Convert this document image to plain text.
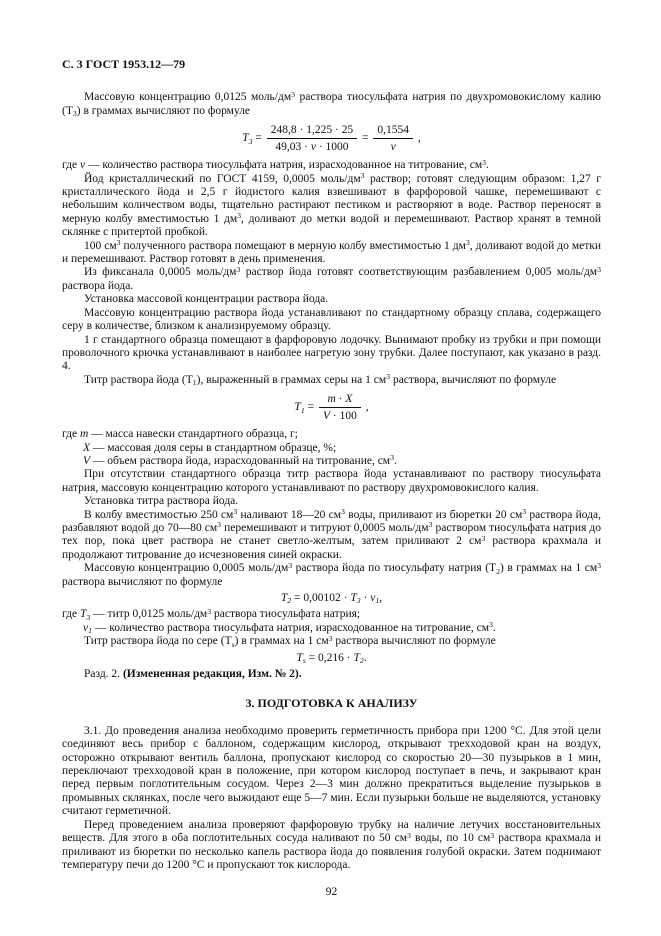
С. 3 ГОСТ 1953.12—79

Массовую концентрацию 0,0125 моль/$дм^3$ раствора тиосульфата натрия по двухромовокислому калию $(T_3)$ в граммах вычисляют по формуле

$T_3 = \frac{248,8 \cdot 1,225 \cdot 25}{49,03 \cdot v \cdot 1000} = \frac{0,1554}{v}$ ,

где v — количество раствора тиосульфата натрия, израсходованное на титрование, $см^3$.

Йод кристаллический по ГОСТ 4159, 0,0005 моль/$дм^3$ раствор; готовят следующим образом: 1,27 г кристаллического йода и 2,5 г йодистого калия взвешивают в фарфоровой чашке, перемешивают с небольшим количеством воды, тщательно растирают пестиком и растворяют в воде. Раствор переносят в мерную колбу вместимостью 1 $дм^3$, доливают до метки водой и перемешивают. Раствор хранят в темной склянке с притертой пробкой.

100 $см^3$ полученного раствора помещают в мерную колбу вместимостью 1 $дм^3$, доливают водой до метки и перемешивают. Раствор готовят в день применения.

Из фиксанала 0,0005 моль/$дм^3$ раствор йода готовят соответствующим разбавлением 0,005 моль/$дм^3$ раствора йода.

Установка массовой концентрации раствора йода.

Массовую концентрацию раствора йода устанавливают по стандартному образцу сплава, содержащего серу в количестве, близком к анализируемому образцу.

1 г стандартного образца помещают в фарфоровую лодочку. Вынимают пробку из трубки и при помощи проволочного крючка устанавливают в наиболее нагретую зону трубки. Далее поступают, как указано в разд. 4.

Титр раствора йода $(T_1)$, выраженный в граммах серы на 1 $см^3$ раствора, вычисляют по формуле

$T_1 = \frac{m \cdot X}{V \cdot 100}$ ,

где m — масса навески стандартного образца, г;

X — массовая доля серы в стандартном образце, %;

V — объем раствора йода, израсходованный на титрование, $см^3$.

При отсутствии стандартного образца титр раствора йода устанавливают по раствору тиосульфата натрия, массовую концентрацию которого устанавливают по раствору двухромовокислого калия.

Установка титра раствора йода.

В колбу вместимостью 250 $см^3$ наливают 18—20 $см^3$ воды, приливают из бюретки 20 $см^3$ раствора йода, разбавляют водой до 70—80 $см^3$ перемешивают и титруют 0,0005 моль/$дм^3$ раствором тиосульфата натрия до тех пор, пока цвет раствора не станет светло-желтым, затем приливают 2 $см^3$ раствора крахмала и продолжают титрование до исчезновения синей окраски.

Массовую концентрацию 0,0005 моль/$дм^3$ раствора йода по тиосульфату натрия $(T_2)$ в граммах на 1 $см^3$ раствора вычисляют по формуле

$T_2 = 0,00102 \cdot T_3 \cdot v_1$,

где $T_3$ — титр 0,0125 моль/$дм^3$ раствора тиосульфата натрия;

$v_1$ — количество раствора тиосульфата натрия, израсходованное на титрование, $см^3$.

Титр раствора йода по сере $(T_s)$ в граммах на 1 $см^3$ раствора вычисляют по формуле

$T_s = 0,216 \cdot T_2$.

Разд. 2. (Измененная редакция, Изм. № 2).

3. ПОДГОТОВКА К АНАЛИЗУ

3.1. До проведения анализа необходимо проверить герметичность прибора при 1200 °С. Для этой цели соединяют весь прибор с баллоном, содержащим кислород, открывают трехходовой кран на воздух, осторожно открывают вентиль баллона, пропускают кислород со скоростью 20—30 пузырьков в 1 мин, переключают трехходовой кран в положение, при котором кислород поступает в печь, и закрывают кран перед первым поглотительным сосудом. Через 2—3 мин должно прекратиться выделение пузырьков в промывных склянках, после чего выжидают еще 5—7 мин. Если пузырьки больше не выделяются, установку считают герметичной.

Перед проведением анализа проверяют фарфоровую трубку на наличие летучих восстановительных веществ. Для этого в оба поглотительных сосуда наливают по 50 $см^3$ воды, по 10 $см^3$ раствора крахмала и приливают из бюретки по несколько капель раствора йода до появления голубой окраски. Затем поднимают температуру печи до 1200 °С и пропускают ток кислорода.

92
